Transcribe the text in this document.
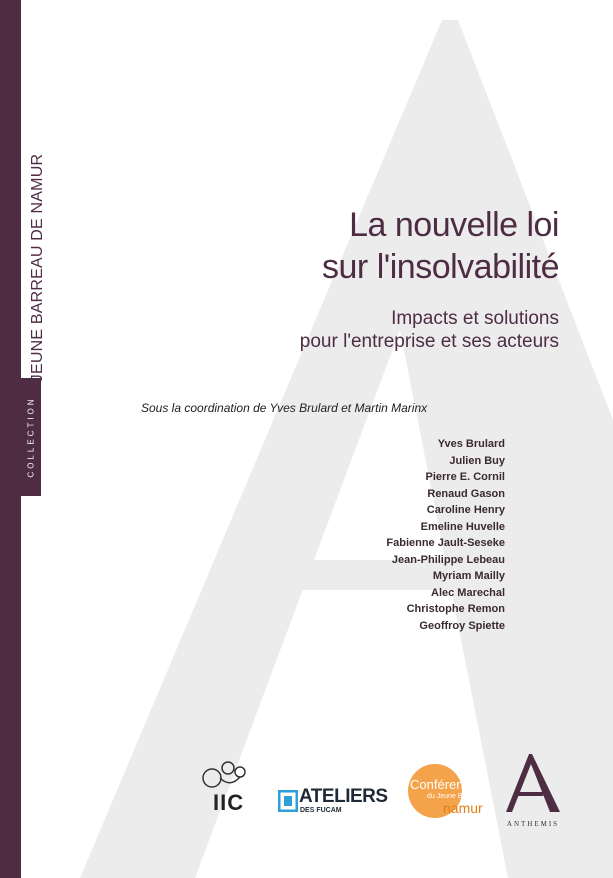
COLLECTION
JEUNE BARREAU DE NAMUR	La nouvelle loi
sur l'insolvabilité
Impacts et solutions
pour l'entreprise et ses acteurs
Sous la coordination de Yves Brulard et Martin Marinx
Yves Brulard
Julien Buy
Pierre E. Cornil
Renaud Gason
Caroline Henry
Emeline Huvelle
Fabienne Jault-Seseke
Jean-Philippe Lebeau
Myriam Mailly
Alec Marechal
Christophe Remon
Geoffroy Spiette
IIC	ATELIERS
DES FUCAM
Conférence
du Jeune Barreau
namur
ANTHEMIS
